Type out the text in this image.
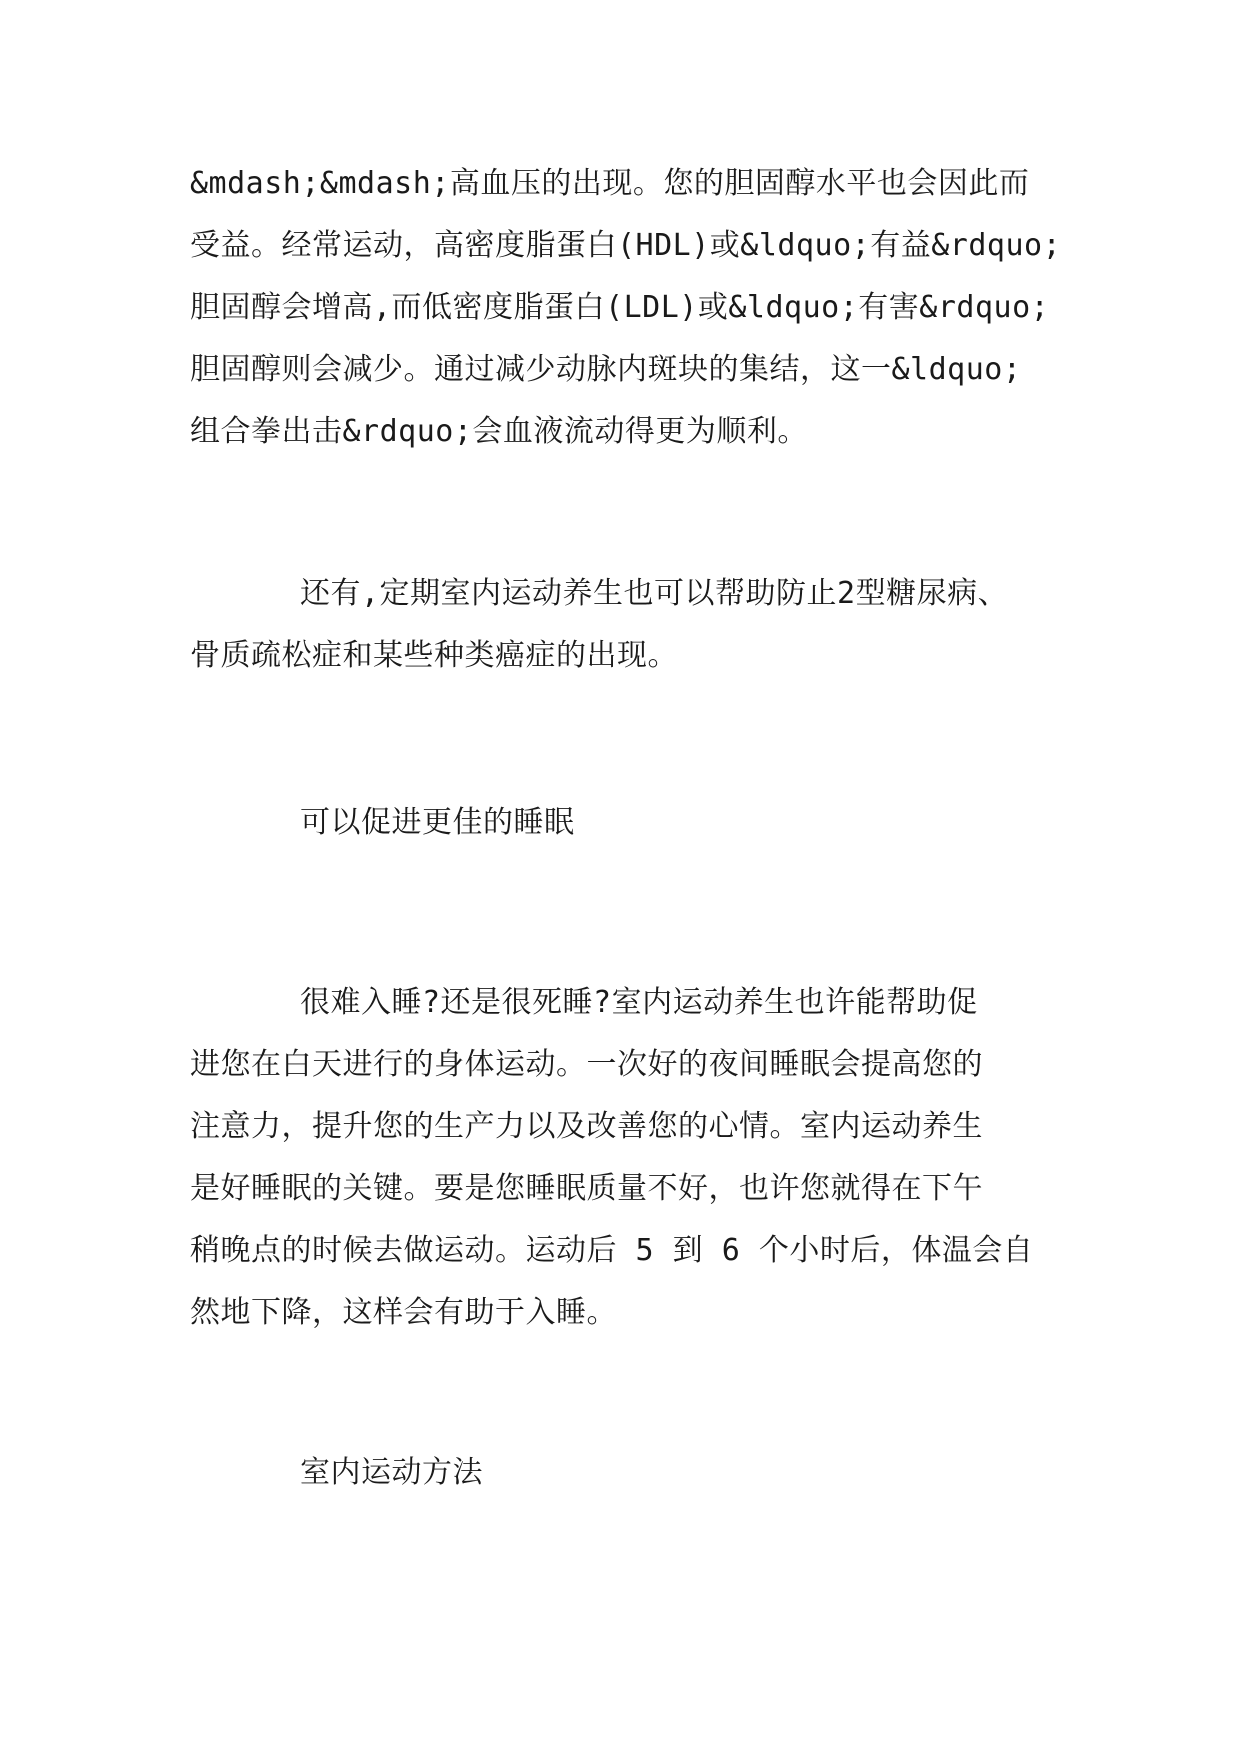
&mdash;&mdash;高血压的出现。您的胆固醇水平也会因此而
受益。经常运动，高密度脂蛋白(HDL)或&ldquo;有益&rdquo;
胆固醇会增高,而低密度脂蛋白(LDL)或&ldquo;有害&rdquo;
胆固醇则会减少。通过减少动脉内斑块的集结，这一&ldquo;
组合拳出击&rdquo;会血液流动得更为顺利。
还有,定期室内运动养生也可以帮助防止2型糖尿病、
骨质疏松症和某些种类癌症的出现。
可以促进更佳的睡眠
很难入睡?还是很死睡?室内运动养生也许能帮助促
进您在白天进行的身体运动。一次好的夜间睡眠会提高您的
注意力，提升您的生产力以及改善您的心情。室内运动养生
是好睡眠的关键。要是您睡眠质量不好，也许您就得在下午
稍晚点的时候去做运动。运动后 5 到 6 个小时后，体温会自
然地下降，这样会有助于入睡。
室内运动方法
